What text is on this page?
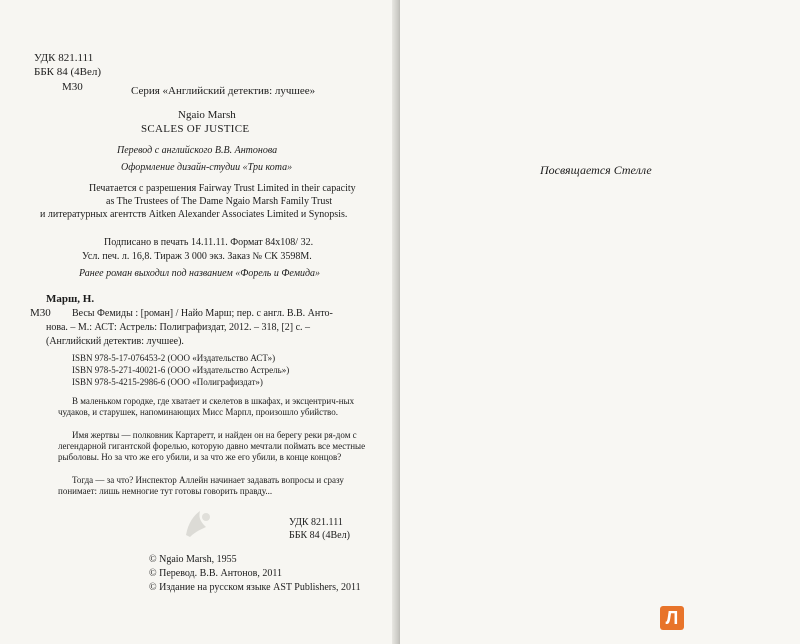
УДК 821.111
ББК 84 (4Вел)
М30	Серия «Английский детектив: лучшее»
Ngaio Marsh
SCALES OF JUSTICE
Перевод с английского В.В. Антонова
Оформление дизайн-студии «Три кота»
Печатается с разрешения Fairway Trust Limited in their capacity
as The Trustees of The Dame Ngaio Marsh Family Trust
и литературных агентств Aitken Alexander Associates Limited и Synopsis.
Подписано в печать 14.11.11. Формат 84x108/ 32.
Усл. печ. л. 16,8. Тираж 3 000 экз. Заказ № СК 3598М.
Ранее роман выходил под названием «Форель и Фемида»
Марш, Н.
М30 Весы Фемиды : [роман] / Найо Марш; пер. с англ. В.В. Анто-
нова. – М.: АСТ: Астрель: Полиграфиздат, 2012. – 318, [2] с. –
(Английский детектив: лучшее).
ISBN 978-5-17-076453-2 (ООО «Издательство АСТ»)
ISBN 978-5-271-40021-6 (ООО «Издательство Астрель»)
ISBN 978-5-4215-2986-6 (ООО «Полиграфиздат»)
В маленьком городке, где хватает и скелетов в шкафах, и эксцентрич-ных чудаков, и старушек, напоминающих Мисс Марпл, произошло убийство.
Имя жертвы — полковник Картаретт, и найден он на берегу реки ря-дом с легендарной гигантской форелью, которую давно мечтали поймать все местные рыболовы. Но за что же его убили, и за что же его убили, в конце концов?
Тогда — за что? Инспектор Аллейн начинает задавать вопросы и сразу понимает: лишь немногие тут готовы говорить правду...
УДК 821.111
ББК 84 (4Вел)
© Ngaio Marsh, 1955
© Перевод. В.В. Антонов, 2011
© Издание на русском языке AST Publishers, 2011
Посвящается Стелле
Л
